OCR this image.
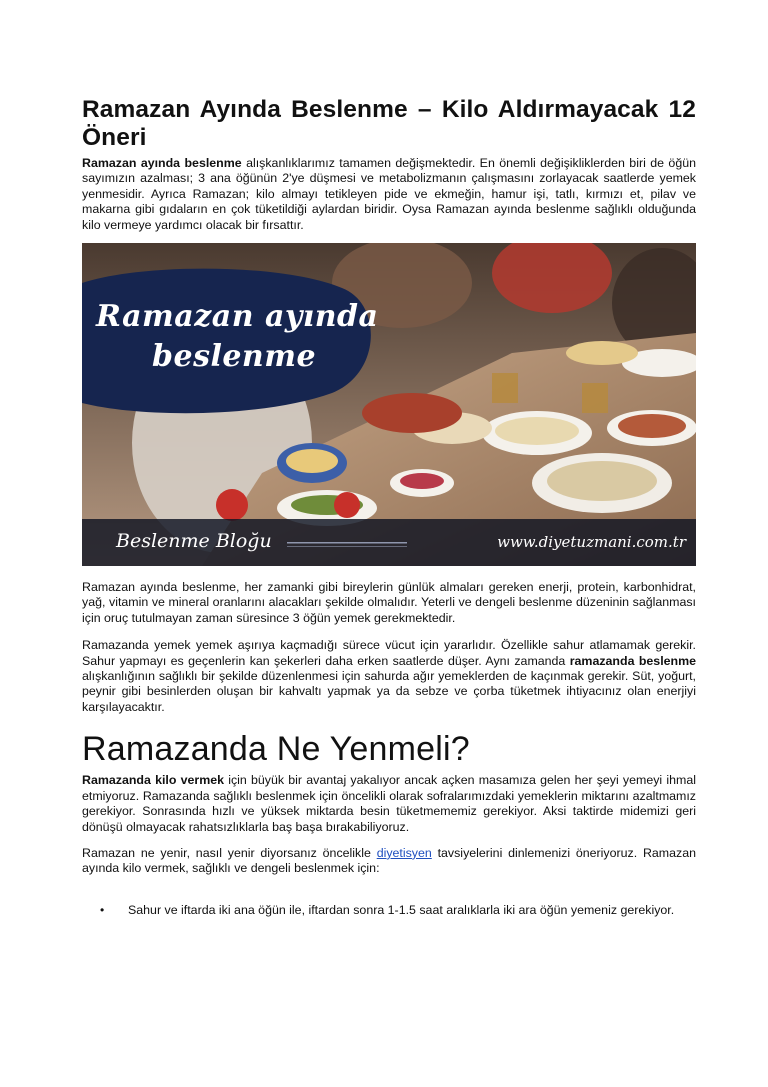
Ramazan Ayında Beslenme – Kilo Aldırmayacak 12 Öneri

Ramazan ayında beslenme alışkanlıklarımız tamamen değişmektedir. En önemli değişikliklerden biri de öğün sayımızın azalması; 3 ana öğünün 2'ye düşmesi ve metabolizmanın çalışmasını zorlayacak saatlerde yemek yenmesidir. Ayrıca Ramazan; kilo almayı tetikleyen pide ve ekmeğin, hamur işi, tatlı, kırmızı et, pilav ve makarna gibi gıdaların en çok tüketildiği aylardan biridir. Oysa Ramazan ayında beslenme sağlıklı olduğunda kilo vermeye yardımcı olacak bir fırsattır.

Ramazan ayında
beslenme
Beslenme Bloğu	www.diyetuzmani.com.tr

Ramazan ayında beslenme, her zamanki gibi bireylerin günlük almaları gereken enerji, protein, karbonhidrat, yağ, vitamin ve mineral oranlarını alacakları şekilde olmalıdır. Yeterli ve dengeli beslenme düzeninin sağlanması için oruç tutulmayan zaman süresince 3 öğün yemek gerekmektedir.

Ramazanda yemek yemek aşırıya kaçmadığı sürece vücut için yararlıdır. Özellikle sahur atlamamak gerekir. Sahur yapmayı es geçenlerin kan şekerleri daha erken saatlerde düşer. Aynı zamanda ramazanda beslenme alışkanlığının sağlıklı bir şekilde düzenlenmesi için sahurda ağır yemeklerden de kaçınmak gerekir. Süt, yoğurt, peynir gibi besinlerden oluşan bir kahvaltı yapmak ya da sebze ve çorba tüketmek ihtiyacınız olan enerjiyi karşılayacaktır.

Ramazanda Ne Yenmeli?

Ramazanda kilo vermek için büyük bir avantaj yakalıyor ancak açken masamıza gelen her şeyi yemeyi ihmal etmiyoruz. Ramazanda sağlıklı beslenmek için öncelikli olarak sofralarımızdaki yemeklerin miktarını azaltmamız gerekiyor. Sonrasında hızlı ve yüksek miktarda besin tüketmememiz gerekiyor. Aksi taktirde midemizi geri dönüşü olmayacak rahatsızlıklarla baş başa bırakabiliyoruz.

Ramazan ne yenir, nasıl yenir diyorsanız öncelikle diyetisyen tavsiyelerini dinlemenizi öneriyoruz. Ramazan ayında kilo vermek, sağlıklı ve dengeli beslenmek için:

• Sahur ve iftarda iki ana öğün ile, iftardan sonra 1-1.5 saat aralıklarla iki ara öğün yemeniz gerekiyor.
